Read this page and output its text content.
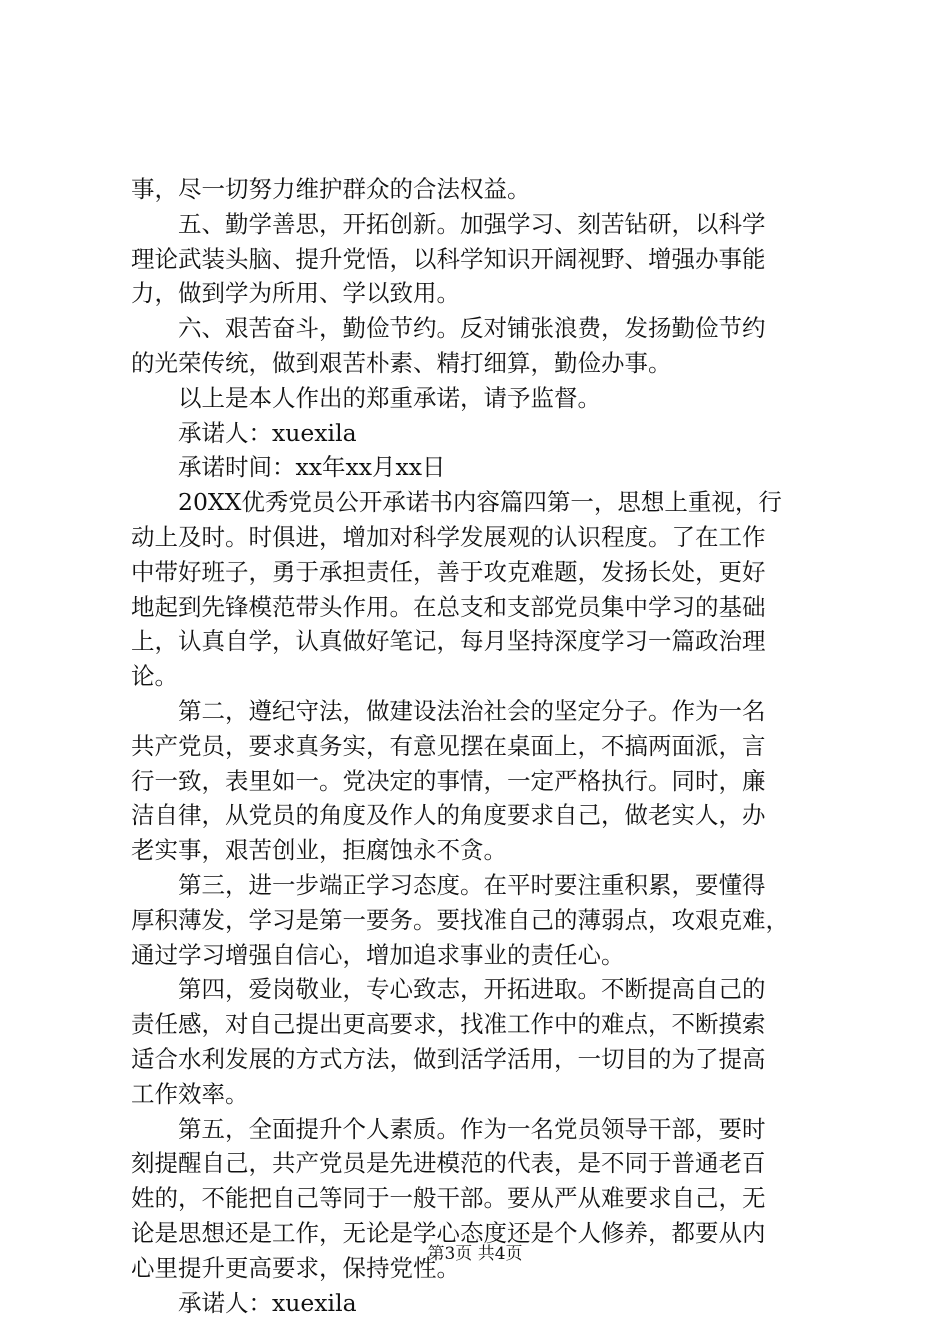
事，尽一切努力维护群众的合法权益。
五、勤学善思，开拓创新。加强学习、刻苦钻研，以科学
理论武装头脑、提升党悟，以科学知识开阔视野、增强办事能
力，做到学为所用、学以致用。
六、艰苦奋斗，勤俭节约。反对铺张浪费，发扬勤俭节约
的光荣传统，做到艰苦朴素、精打细算，勤俭办事。
以上是本人作出的郑重承诺，请予监督。
承诺人：xuexila
承诺时间：xx年xx月xx日
20XX优秀党员公开承诺书内容篇四第一，思想上重视，行
动上及时。时俱进，增加对科学发展观的认识程度。了在工作
中带好班子，勇于承担责任，善于攻克难题，发扬长处，更好
地起到先锋模范带头作用。在总支和支部党员集中学习的基础
上，认真自学，认真做好笔记，每月坚持深度学习一篇政治理
论。
第二，遵纪守法，做建设法治社会的坚定分子。作为一名
共产党员，要求真务实，有意见摆在桌面上，不搞两面派，言
行一致，表里如一。党决定的事情，一定严格执行。同时，廉
洁自律，从党员的角度及作人的角度要求自己，做老实人，办
老实事，艰苦创业，拒腐蚀永不贪。
第三，进一步端正学习态度。在平时要注重积累，要懂得
厚积薄发，学习是第一要务。要找准自己的薄弱点，攻艰克难，
通过学习增强自信心，增加追求事业的责任心。
第四，爱岗敬业，专心致志，开拓进取。不断提高自己的
责任感，对自己提出更高要求，找准工作中的难点，不断摸索
适合水利发展的方式方法，做到活学活用，一切目的为了提高
工作效率。
第五，全面提升个人素质。作为一名党员领导干部，要时
刻提醒自己，共产党员是先进模范的代表，是不同于普通老百
姓的，不能把自己等同于一般干部。要从严从难要求自己，无
论是思想还是工作，无论是学心态度还是个人修养，都要从内
心里提升更高要求，保持党性。
承诺人：xuexila
第3页 共4页
